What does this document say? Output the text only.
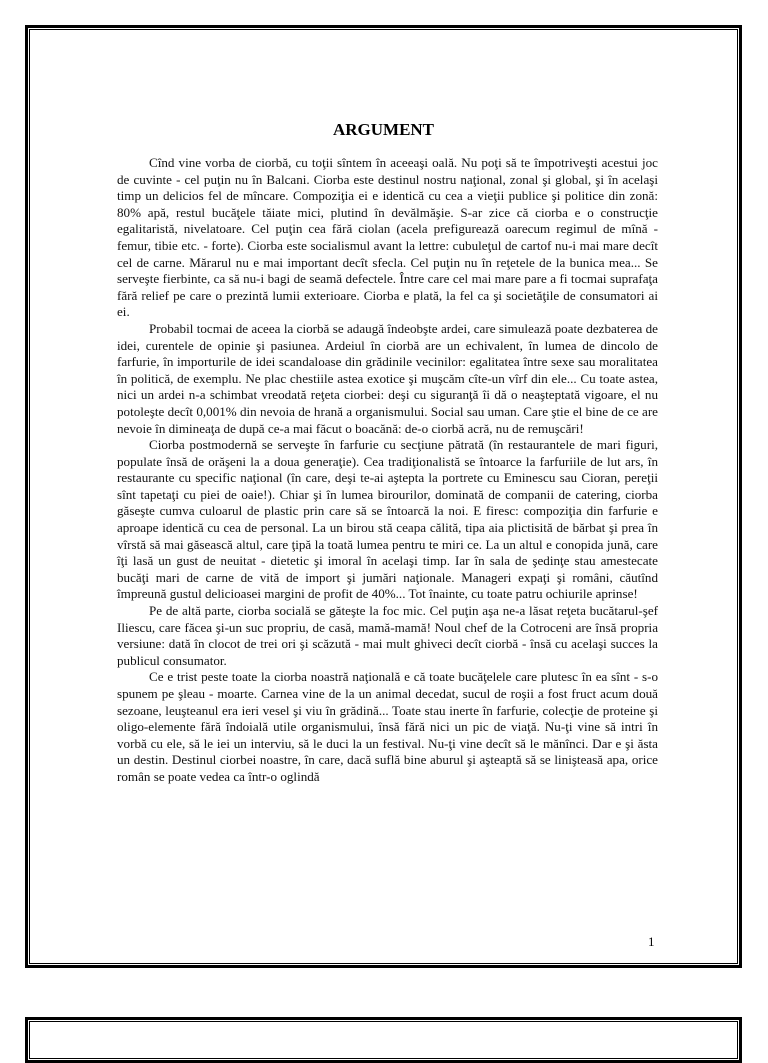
ARGUMENT

Cînd vine vorba de ciorbă, cu toţii sîntem în aceeaşi oală. Nu poţi să te împotriveşti acestui joc de cuvinte - cel puţin nu în Balcani. Ciorba este destinul nostru naţional, zonal şi global, şi în acelaşi timp un delicios fel de mîncare. Compoziţia ei e identică cu cea a vieţii publice şi politice din zonă: 80% apă, restul bucăţele tăiate mici, plutind în devălmăşie. S-ar zice că ciorba e o construcţie egalitaristă, nivelatoare. Cel puţin cea fără ciolan (acela prefigurează oarecum regimul de mînă - femur, tibie etc. - forte). Ciorba este socialismul avant la lettre: cubuleţul de cartof nu-i mai mare decît cel de carne. Mărarul nu e mai important decît sfecla. Cel puţin nu în reţetele de la bunica mea... Se serveşte fierbinte, ca să nu-i bagi de seamă defectele. Între care cel mai mare pare a fi tocmai suprafaţa fără relief pe care o prezintă lumii exterioare. Ciorba e plată, la fel ca şi societăţile de consumatori ai ei.

Probabil tocmai de aceea la ciorbă se adaugă îndeobşte ardei, care simulează poate dezbaterea de idei, curentele de opinie şi pasiunea. Ardeiul în ciorbă are un echivalent, în lumea de dincolo de farfurie, în importurile de idei scandaloase din grădinile vecinilor: egalitatea între sexe sau moralitatea în politică, de exemplu. Ne plac chestiile astea exotice şi muşcăm cîte-un vîrf din ele... Cu toate astea, nici un ardei n-a schimbat vreodată reţeta ciorbei: deşi cu siguranţă îi dă o neaşteptată vigoare, el nu potoleşte decît 0,001% din nevoia de hrană a organismului. Social sau uman. Care ştie el bine de ce are nevoie în dimineaţa de după ce-a mai făcut o boacănă: de-o ciorbă acră, nu de remuşcări!

Ciorba postmodernă se serveşte în farfurie cu secţiune pătrată (în restaurantele de mari figuri, populate însă de orăşeni la a doua generaţie). Cea tradiţionalistă se întoarce la farfuriile de lut ars, în restaurante cu specific naţional (în care, deşi te-ai aştepta la portrete cu Eminescu sau Cioran, pereţii sînt tapetaţi cu piei de oaie!). Chiar şi în lumea birourilor, dominată de companii de catering, ciorba găseşte cumva culoarul de plastic prin care să se întoarcă la noi. E firesc: compoziţia din farfurie e aproape identică cu cea de personal. La un birou stă ceapa călită, tipa aia plictisită de bărbat şi prea în vîrstă să mai găsească altul, care ţipă la toată lumea pentru te miri ce. La un altul e conopida jună, care îţi lasă un gust de neuitat - dietetic şi imoral în acelaşi timp. Iar în sala de şedinţe stau amestecate bucăţi mari de carne de vită de import şi jumări naţionale. Manageri expaţi şi români, căutînd împreună gustul delicioasei margini de profit de 40%... Tot înainte, cu toate patru ochiurile aprinse!

Pe de altă parte, ciorba socială se găteşte la foc mic. Cel puţin aşa ne-a lăsat reţeta bucătarul-şef Iliescu, care făcea şi-un suc propriu, de casă, mamă-mamă! Noul chef de la Cotroceni are însă propria versiune: dată în clocot de trei ori şi scăzută - mai mult ghiveci decît ciorbă - însă cu acelaşi succes la publicul consumator.

Ce e trist peste toate la ciorba noastră naţională e că toate bucăţelele care plutesc în ea sînt - s-o spunem pe şleau - moarte. Carnea vine de la un animal decedat, sucul de roşii a fost fruct acum două sezoane, leuşteanul era ieri vesel şi viu în grădină... Toate stau inerte în farfurie, colecţie de proteine şi oligo-elemente fără îndoială utile organismului, însă fără nici un pic de viaţă. Nu-ţi vine să intri în vorbă cu ele, să le iei un interviu, să le duci la un festival. Nu-ţi vine decît să le mănînci. Dar e şi ăsta un destin. Destinul ciorbei noastre, în care, dacă suflă bine aburul şi aşteaptă să se linişteasă apa, orice român se poate vedea ca într-o oglindă

1
